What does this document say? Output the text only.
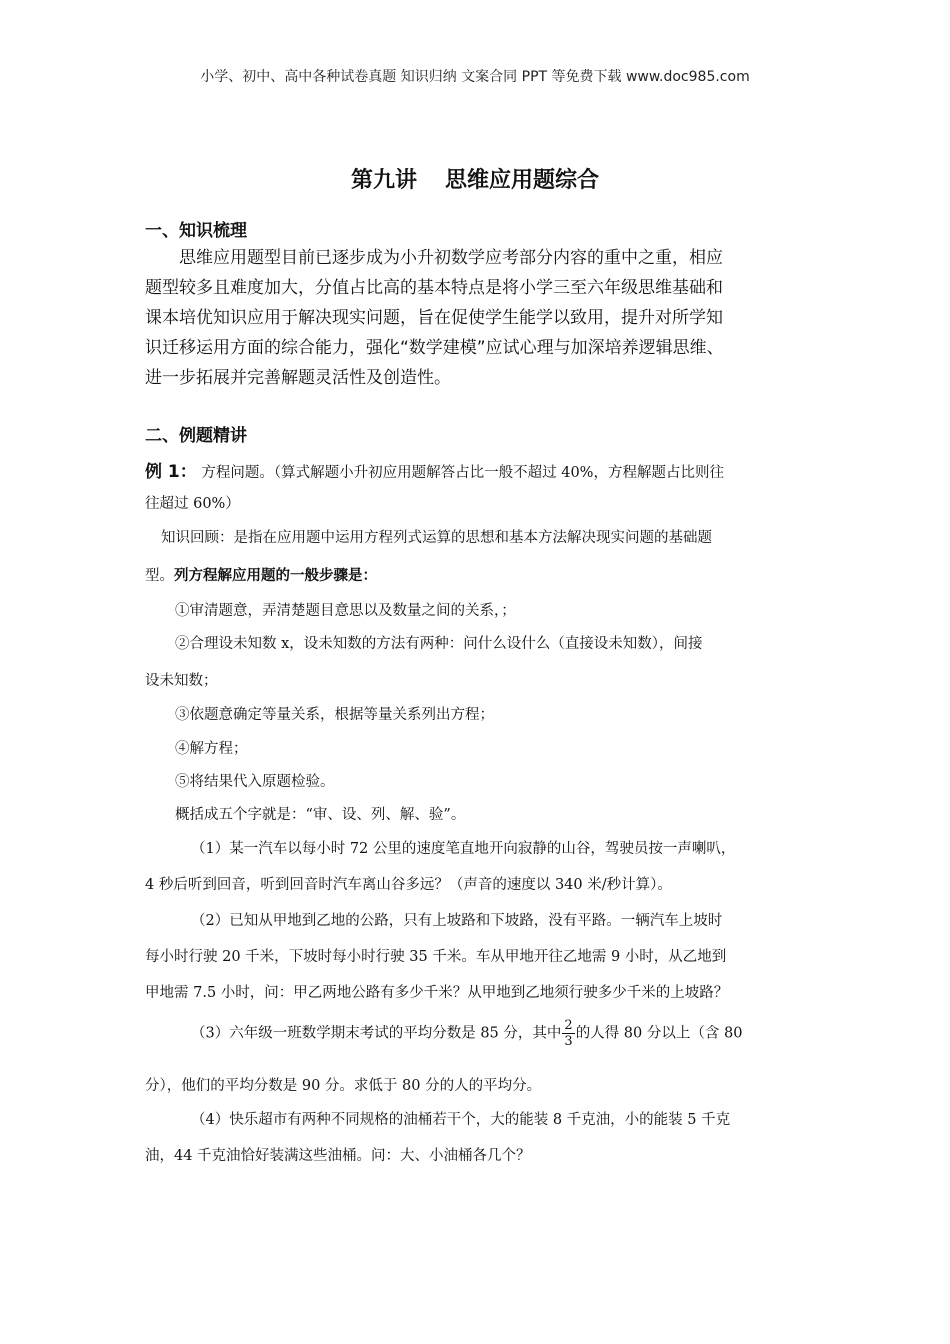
小学、初中、高中各种试卷真题 知识归纳 文案合同 PPT 等免费下载 www.doc985.com
第九讲 思维应用题综合
一、知识梳理
思维应用题型目前已逐步成为小升初数学应考部分内容的重中之重，相应
题型较多且难度加大，分值占比高的基本特点是将小学三至六年级思维基础和
课本培优知识应用于解决现实问题，旨在促使学生能学以致用，提升对所学知
识迁移运用方面的综合能力，强化“数学建模”应试心理与加深培养逻辑思维、
进一步拓展并完善解题灵活性及创造性。
二、例题精讲
例 1： 方程问题。（算式解题小升初应用题解答占比一般不超过 40%，方程解题占比则往
往超过 60%）
知识回顾：是指在应用题中运用方程列式运算的思想和基本方法解决现实问题的基础题
型。列方程解应用题的一般步骤是：
①审清题意，弄清楚题目意思以及数量之间的关系，；
②合理设未知数 x，设未知数的方法有两种：问什么设什么（直接设未知数），间接
设未知数；
③依题意确定等量关系，根据等量关系列出方程；
④解方程；
⑤将结果代入原题检验。
概括成五个字就是：“审、设、列、解、验”。
（1）某一汽车以每小时 72 公里的速度笔直地开向寂静的山谷，驾驶员按一声喇叭，
4 秒后听到回音，听到回音时汽车离山谷多远？（声音的速度以 340 米/秒计算）。
（2）已知从甲地到乙地的公路，只有上坡路和下坡路，没有平路。一辆汽车上坡时
每小时行驶 20 千米，下坡时每小时行驶 35 千米。车从甲地开往乙地需 9 小时，从乙地到
甲地需 7.5 小时，问：甲乙两地公路有多少千米？从甲地到乙地须行驶多少千米的上坡路？
（3）六年级一班数学期末考试的平均分数是 85 分，其中 $\frac{2}{3}$ 的人得 80 分以上（含 80
分），他们的平均分数是 90 分。求低于 80 分的人的平均分。
（4）快乐超市有两种不同规格的油桶若干个，大的能装 8 千克油，小的能装 5 千克
油，44 千克油恰好装满这些油桶。问：大、小油桶各几个？
